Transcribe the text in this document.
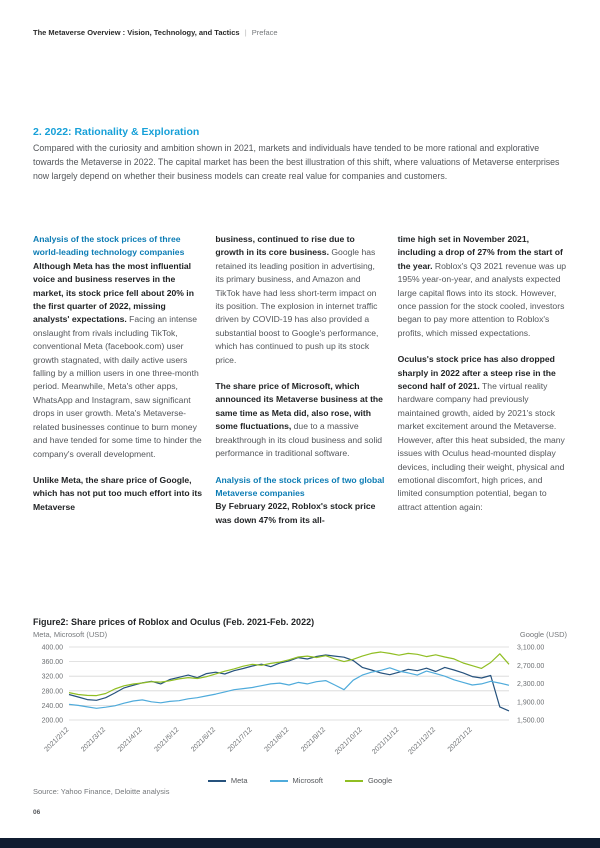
The Metaverse Overview : Vision, Technology, and Tactics | Preface
2. 2022: Rationality & Exploration
Compared with the curiosity and ambition shown in 2021, markets and individuals have tended to be more rational and explorative towards the Metaverse in 2022. The capital market has been the best illustration of this shift, where valuations of Metaverse enterprises now largely depend on whether their business models can create real value for companies and customers.
Analysis of the stock prices of three world-leading technology companies
Although Meta has the most influential voice and business reserves in the market, its stock price fell about 20% in the first quarter of 2022, missing analysts' expectations. Facing an intense onslaught from rivals including TikTok, conventional Meta (facebook.com) user growth stagnated, with daily active users falling by a million users in one three-month period. Meanwhile, Meta's other apps, WhatsApp and Instagram, saw significant drops in user growth. Meta's Metaverse-related businesses continue to burn money and have tended for some time to hinder the company's overall development.
Unlike Meta, the share price of Google, which has not put too much effort into its Metaverse
business, continued to rise due to growth in its core business. Google has retained its leading position in advertising, its primary business, and Amazon and TikTok have had less short-term impact on its position. The explosion in internet traffic driven by COVID-19 has also provided a substantial boost to Google's performance, which has continued to push up its stock price.
The share price of Microsoft, which announced its Metaverse business at the same time as Meta did, also rose, with some fluctuations, due to a massive breakthrough in its cloud business and solid performance in traditional software.
Analysis of the stock prices of two global Metaverse companies
By February 2022, Roblox's stock price was down 47% from its all-
time high set in November 2021, including a drop of 27% from the start of the year. Roblox's Q3 2021 revenue was up 195% year-on-year, and analysts expected large capital flows into its stock. However, once passion for the stock cooled, investors began to pay more attention to Roblox's profits, which missed expectations.
Oculus's stock price has also dropped sharply in 2022 after a steep rise in the second half of 2021. The virtual reality hardware company had previously maintained growth, aided by 2021's stock market excitement around the Metaverse. However, after this heat subsided, the many issues with Oculus head-mounted display devices, including their weight, physical and emotional discomfort, high prices, and limited consumption potential, began to attract attention again:
Figure2: Share prices of Roblox and Oculus (Feb. 2021-Feb. 2022)
Meta, Microsoft (USD)	Google (USD)
400.00
360.00
320.00
280.00
240.00
200.00
3,100.00
2,700.00
2,300.00
1,900.00
1,500.00
2021/2/12 2021/3/12 2021/4/12 2021/5/12 2021/6/12 2021/7/12 2021/8/12 2021/9/12 2021/10/12 2021/11/12 2021/12/12 2022/1/12
Meta	Microsoft	Google
Source: Yahoo Finance, Deloitte analysis
06
